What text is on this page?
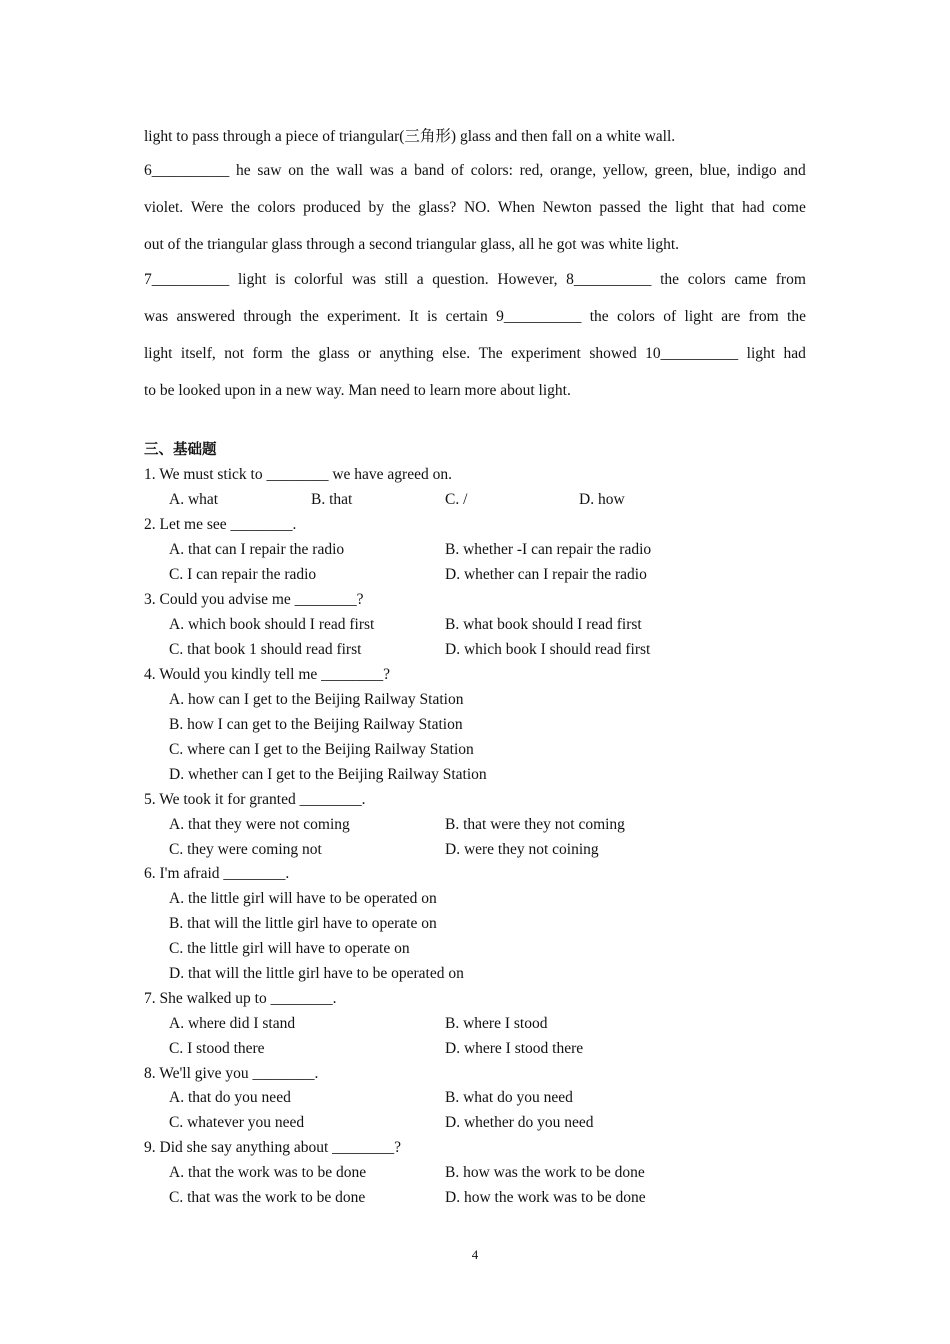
light to pass through a piece of triangular(三角形) glass and then fall on a white wall.
6__________ he saw on the wall was a band of colors: red, orange, yellow, green, blue, indigo and
violet. Were the colors produced by the glass? NO. When Newton passed the light that had come
out of the triangular glass through a second triangular glass, all he got was white light.
7__________ light is colorful was still a question. However, 8__________ the colors came from
was answered through the experiment. It is certain 9__________ the colors of light are from the
light itself, not form the glass or anything else. The experiment showed 10__________ light had
to be looked upon in a new way. Man need to learn more about light.
三、基础题
1. We must stick to ________ we have agreed on.
A. what	B. that	C. /	D. how
2. Let me see ________.
A. that can I repair the radio	B. whether -I can repair the radio
C. I can repair the radio	D. whether can I repair the radio
3. Could you advise me ________?
A. which book should I read first	B. what book should I read first
C. that book 1 should read first	D. which book I should read first
4. Would you kindly tell me ________?
A. how can I get to the Beijing Railway Station
B. how I can get to the Beijing Railway Station
C. where can I get to the Beijing Railway Station
D. whether can I get to the Beijing Railway Station
5. We took it for granted ________.
A. that they were not coming	B. that were they not coming
C. they were coming not	D. were they not coining
6. I'm afraid ________.
A. the little girl will have to be operated on
B. that will the little girl have to operate on
C. the little girl will have to operate on
D. that will the little girl have to be operated on
7. She walked up to ________.
A. where did I stand	B. where I stood
C. I stood there	D. where I stood there
8. We'll give you ________.
A. that do you need	B. what do you need
C. whatever you need	D. whether do you need
9. Did she say anything about ________?
A. that the work was to be done	B. how was the work to be done
C. that was the work to be done	D. how the work was to be done
4
